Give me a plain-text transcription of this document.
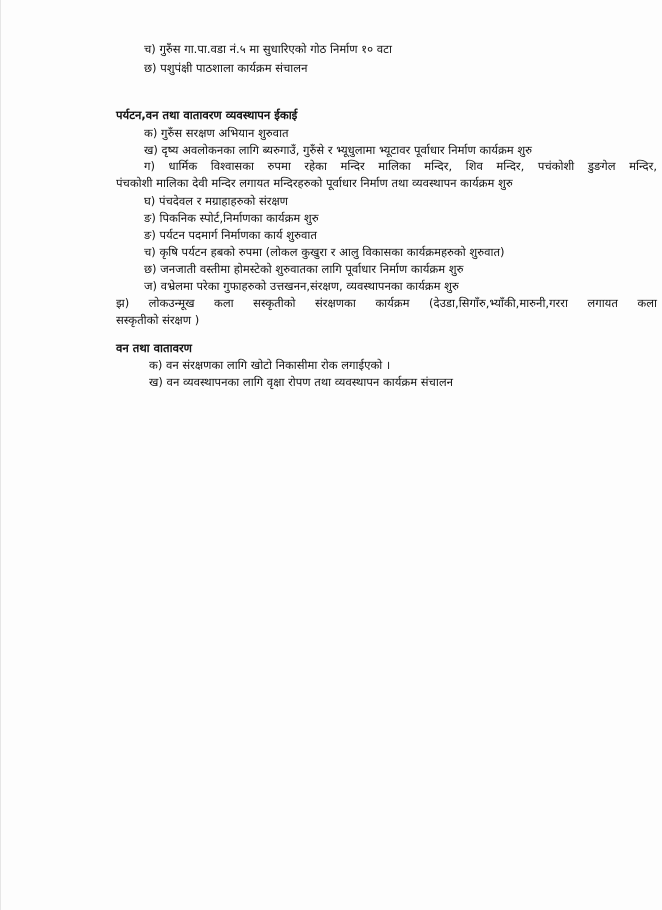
च) गुरुँस गा.पा.वडा नं.५ मा सुधारिएको गोठ निर्माण १० वटा
छ) पशुपंक्षी पाठशाला कार्यक्रम संचालन
पर्यटन,वन तथा वातावरण व्यवस्थापन ईकाई
क) गुरुँस सरक्षण अभियान शुरुवात
ख) दृष्य अवलोकनका लागि ब्यरुगाउँ, गुरुँसे र भ्यूधुलामा भ्यूटावर पूर्वाधार निर्माण कार्यक्रम शुरु
ग) धार्मिक विश्वासका रुपमा रहेका मन्दिर मालिका मन्दिर, शिव मन्दिर, पचंकोशी डुङगेल मन्दिर,
पंचकोशी मालिका देवी मन्दिर लगायत मन्दिरहरुको पूर्वाधार निर्माण तथा व्यवस्थापन कार्यक्रम शुरु
घ) पंचदेवल र मग्राहाहरुको संरक्षण
ङ) पिकनिक स्पोर्ट,निर्माणका कार्यक्रम शुरु
ङ) पर्यटन पदमार्ग निर्माणका कार्य शुरुवात
च) कृषि पर्यटन हबको रुपमा (लोकल कुखुरा र आलु विकासका कार्यक्रमहरुको शुरुवात)
छ) जनजाती वस्तीमा होमस्टेको शुरुवातका लागि पूर्वाधार निर्माण कार्यक्रम शुरु
ज) वभ्रेलमा परेका गुफाहरुको उत्तखनन,संरक्षण, व्यवस्थापनका कार्यक्रम शुरु
झ) लोकउन्मूख कला सस्कृतीको संरक्षणका कार्यक्रम (देउडा,सिगाँरु,भ्याँकी,मारुनी,गररा लगायत कला
सस्कृतीको संरक्षण )
वन तथा वातावरण
क) वन संरक्षणका लागि खोटो निकासीमा रोक लगाईएको ।
ख) वन व्यवस्थापनका लागि वृक्षा रोपण तथा व्यवस्थापन कार्यक्रम संचालन
